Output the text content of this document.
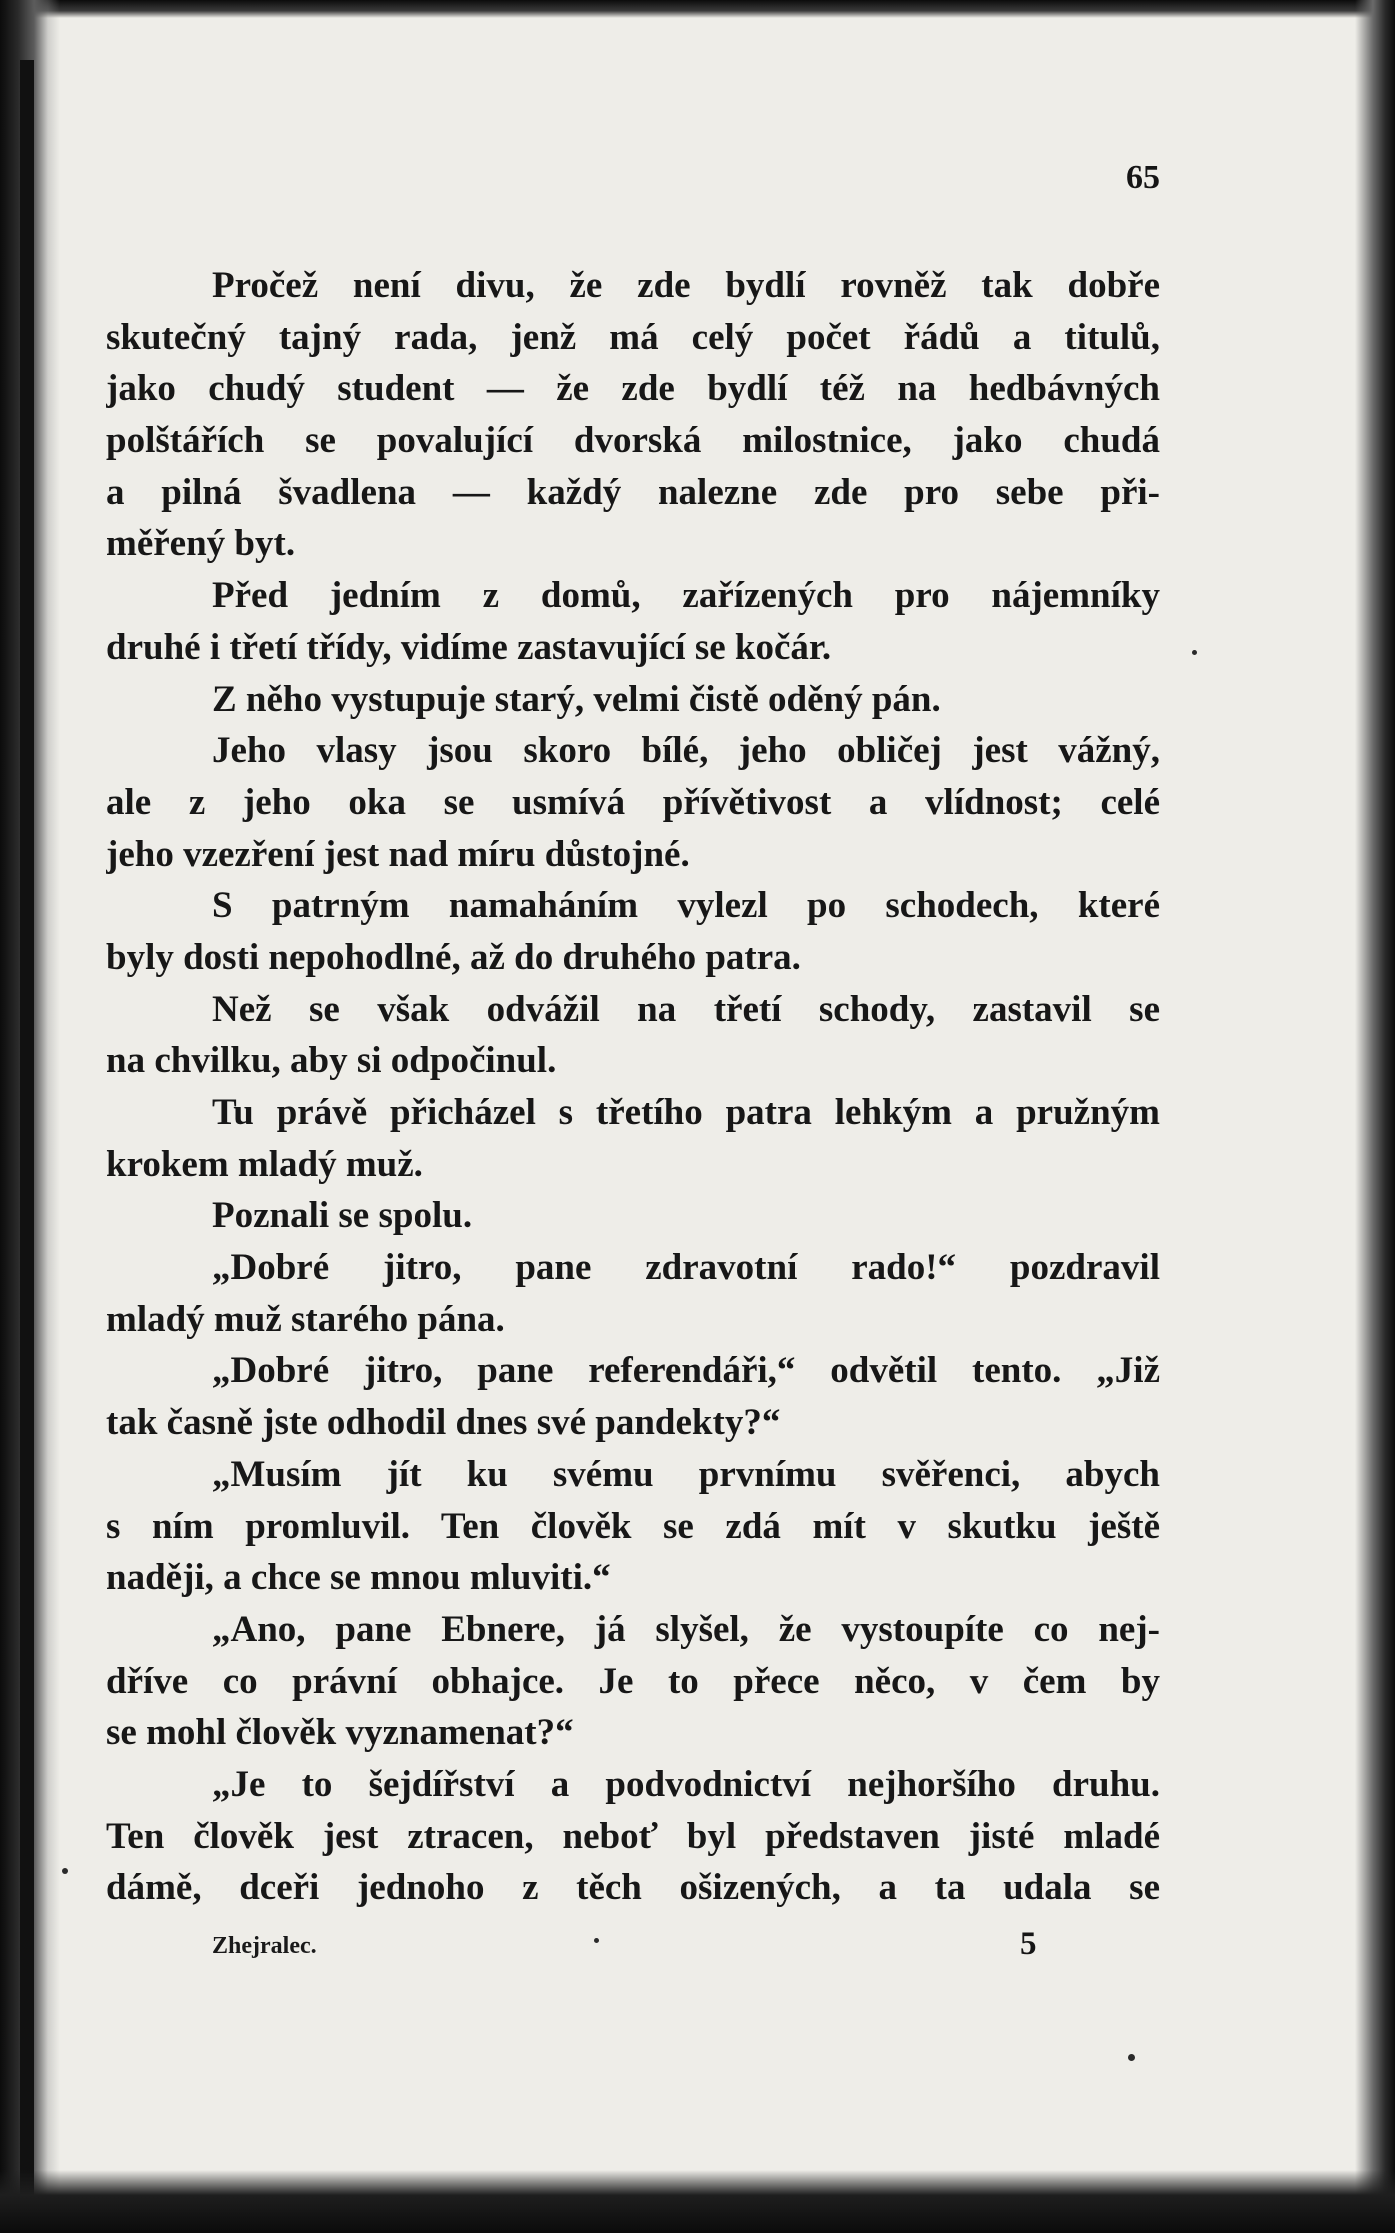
65

Pročež není divu, že zde bydlí rovněž tak dobře
skutečný tajný rada, jenž má celý počet řádů a titulů,
jako chudý student — že zde bydlí též na hedbávných
polštářích se povalující dvorská milostnice, jako chudá
a pilná švadlena — každý nalezne zde pro sebe při-
měřený byt.
Před jedním z domů, zařízených pro nájemníky
druhé i třetí třídy, vidíme zastavující se kočár.
Z něho vystupuje starý, velmi čistě oděný pán.
Jeho vlasy jsou skoro bílé, jeho obličej jest vážný,
ale z jeho oka se usmívá přívětivost a vlídnost; celé
jeho vzezření jest nad míru důstojné.
S patrným namaháním vylezl po schodech, které
byly dosti nepohodlné, až do druhého patra.
Než se však odvážil na třetí schody, zastavil se
na chvilku, aby si odpočinul.
Tu právě přicházel s třetího patra lehkým a pružným
krokem mladý muž.
Poznali se spolu.
„Dobré jitro, pane zdravotní rado!“ pozdravil
mladý muž starého pána.
„Dobré jitro, pane referendáři,“ odvětil tento. „Již
tak časně jste odhodil dnes své pandekty?“
„Musím jít ku svému prvnímu svěřenci, abych
s ním promluvil. Ten člověk se zdá mít v skutku ještě
naději, a chce se mnou mluviti.“
„Ano, pane Ebnere, já slyšel, že vystoupíte co nej-
dříve co právní obhajce. Je to přece něco, v čem by
se mohl člověk vyznamenat?“
„Je to šejdířství a podvodnictví nejhoršího druhu.
Ten člověk jest ztracen, neboť byl představen jisté mladé
dámě, dceři jednoho z těch ošizených, a ta udala se

Zhejralec.	5
